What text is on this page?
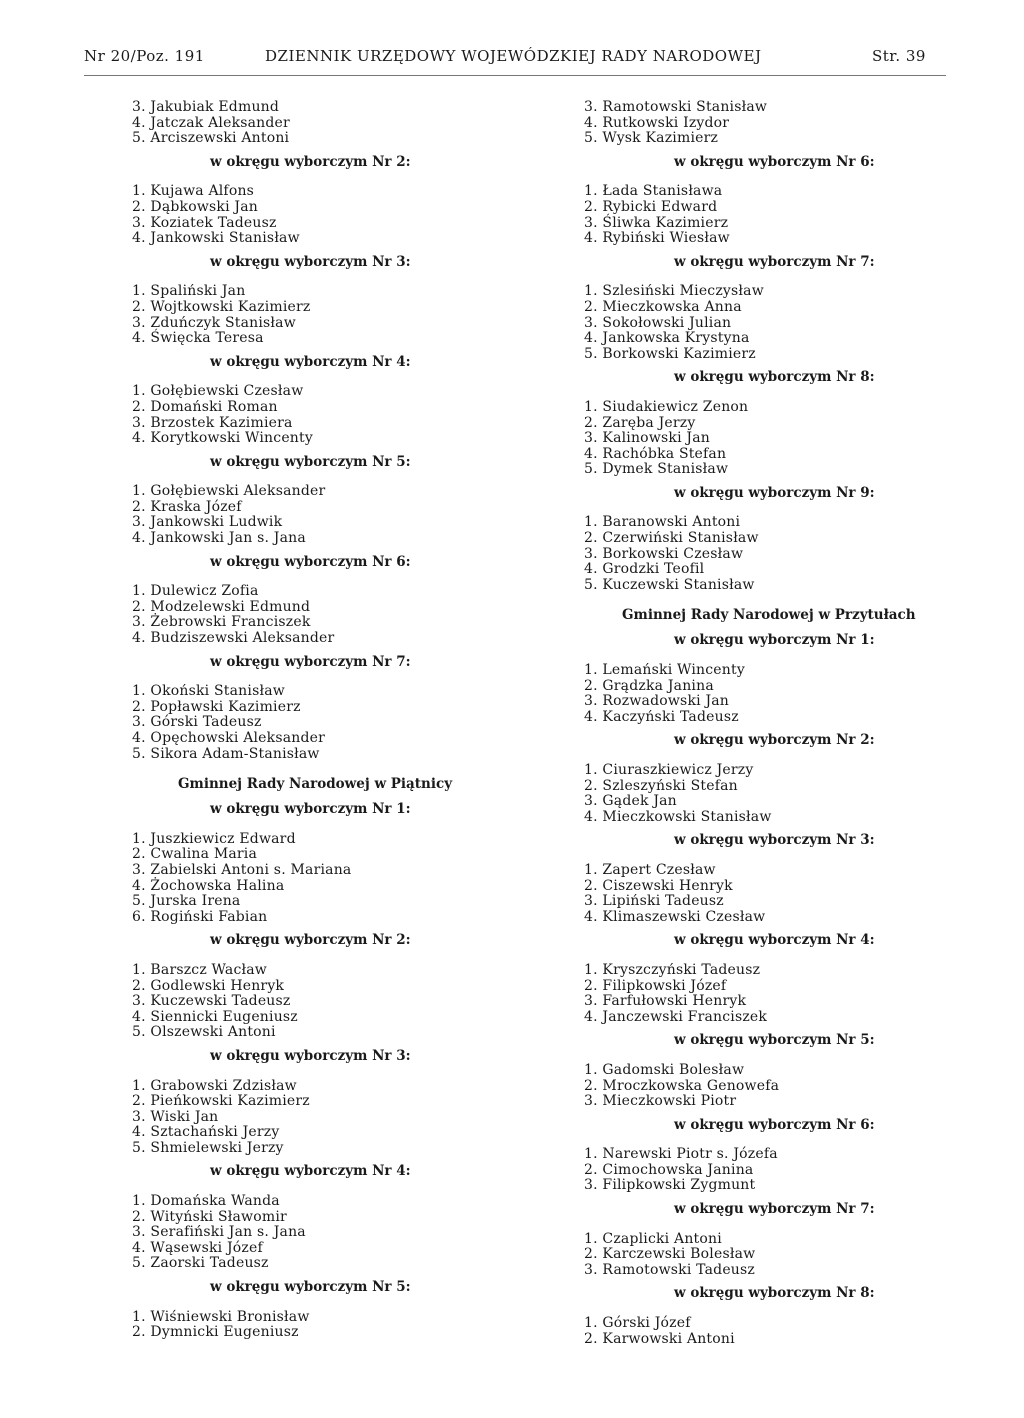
Nr 20/Poz. 191	DZIENNIK URZĘDOWY WOJEWÓDZKIEJ RADY NARODOWEJ	Str. 39
3. Jakubiak Edmund
4. Jatczak Aleksander
5. Arciszewski Antoni
w okręgu wyborczym Nr 2:
1. Kujawa Alfons
2. Dąbkowski Jan
3. Koziatek Tadeusz
4. Jankowski Stanisław
w okręgu wyborczym Nr 3:
1. Spaliński Jan
2. Wojtkowski Kazimierz
3. Zduńczyk Stanisław
4. Święcka Teresa
w okręgu wyborczym Nr 4:
1. Gołębiewski Czesław
2. Domański Roman
3. Brzostek Kazimiera
4. Korytkowski Wincenty
w okręgu wyborczym Nr 5:
1. Gołębiewski Aleksander
2. Kraska Józef
3. Jankowski Ludwik
4. Jankowski Jan s. Jana
w okręgu wyborczym Nr 6:
1. Dulewicz Zofia
2. Modzelewski Edmund
3. Żebrowski Franciszek
4. Budziszewski Aleksander
w okręgu wyborczym Nr 7:
1. Okoński Stanisław
2. Popławski Kazimierz
3. Górski Tadeusz
4. Opęchowski Aleksander
5. Sikora Adam-Stanisław
Gminnej Rady Narodowej w Piątnicy
w okręgu wyborczym Nr 1:
1. Juszkiewicz Edward
2. Cwalina Maria
3. Zabielski Antoni s. Mariana
4. Żochowska Halina
5. Jurska Irena
6. Rogiński Fabian
w okręgu wyborczym Nr 2:
1. Barszcz Wacław
2. Godlewski Henryk
3. Kuczewski Tadeusz
4. Siennicki Eugeniusz
5. Olszewski Antoni
w okręgu wyborczym Nr 3:
1. Grabowski Zdzisław
2. Pieńkowski Kazimierz
3. Wiski Jan
4. Sztachański Jerzy
5. Shmielewski Jerzy
w okręgu wyborczym Nr 4:
1. Domańska Wanda
2. Wityński Sławomir
3. Serafiński Jan s. Jana
4. Wąsewski Józef
5. Zaorski Tadeusz
w okręgu wyborczym Nr 5:
1. Wiśniewski Bronisław
2. Dymnicki Eugeniusz
3. Ramotowski Stanisław
4. Rutkowski Izydor
5. Wysk Kazimierz
w okręgu wyborczym Nr 6:
1. Łada Stanisława
2. Rybicki Edward
3. Śliwka Kazimierz
4. Rybiński Wiesław
w okręgu wyborczym Nr 7:
1. Szlesiński Mieczysław
2. Mieczkowska Anna
3. Sokołowski Julian
4. Jankowska Krystyna
5. Borkowski Kazimierz
w okręgu wyborczym Nr 8:
1. Siudakiewicz Zenon
2. Zaręba Jerzy
3. Kalinowski Jan
4. Rachóbka Stefan
5. Dymek Stanisław
w okręgu wyborczym Nr 9:
1. Baranowski Antoni
2. Czerwiński Stanisław
3. Borkowski Czesław
4. Grodzki Teofil
5. Kuczewski Stanisław
Gminnej Rady Narodowej w Przytułach
w okręgu wyborczym Nr 1:
1. Lemański Wincenty
2. Grądzka Janina
3. Rozwadowski Jan
4. Kaczyński Tadeusz
w okręgu wyborczym Nr 2:
1. Ciuraszkiewicz Jerzy
2. Szleszyński Stefan
3. Gądek Jan
4. Mieczkowski Stanisław
w okręgu wyborczym Nr 3:
1. Zapert Czesław
2. Ciszewski Henryk
3. Lipiński Tadeusz
4. Klimaszewski Czesław
w okręgu wyborczym Nr 4:
1. Kryszczyński Tadeusz
2. Filipkowski Józef
3. Farfułowski Henryk
4. Janczewski Franciszek
w okręgu wyborczym Nr 5:
1. Gadomski Bolesław
2. Mroczkowska Genowefa
3. Mieczkowski Piotr
w okręgu wyborczym Nr 6:
1. Narewski Piotr s. Józefa
2. Cimochowska Janina
3. Filipkowski Zygmunt
w okręgu wyborczym Nr 7:
1. Czaplicki Antoni
2. Karczewski Bolesław
3. Ramotowski Tadeusz
w okręgu wyborczym Nr 8:
1. Górski Józef
2. Karwowski Antoni
